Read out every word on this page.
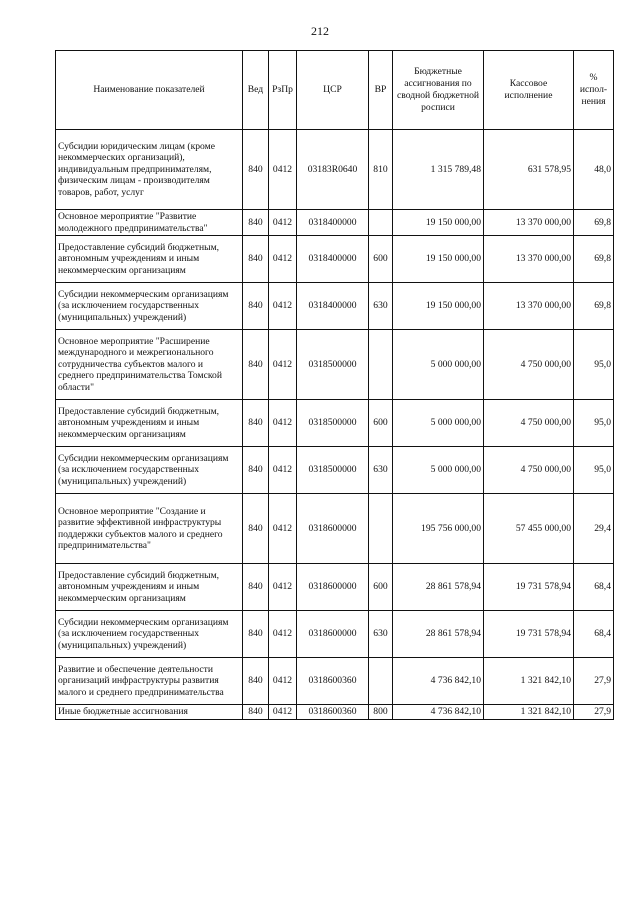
212
Наименование показателей	Вед	РзПр	ЦСР	ВР	Бюджетные ассигнования по сводной бюджетной росписи	Кассовое исполнение	% испол-нения
Субсидии юридическим лицам (кроме некоммерческих организаций), индивидуальным предпринимателям, физическим лицам - производителям товаров, работ, услуг	840	0412	03183R0640	810	1 315 789,48	631 578,95	48,0
Основное мероприятие "Развитие молодежного предпринимательства"	840	0412	0318400000		19 150 000,00	13 370 000,00	69,8
Предоставление субсидий бюджетным, автономным учреждениям и иным некоммерческим организациям	840	0412	0318400000	600	19 150 000,00	13 370 000,00	69,8
Субсидии некоммерческим организациям (за исключением государственных (муниципальных) учреждений)	840	0412	0318400000	630	19 150 000,00	13 370 000,00	69,8
Основное мероприятие "Расширение международного и межрегионального сотрудничества субъектов малого и среднего предпринимательства Томской области"	840	0412	0318500000		5 000 000,00	4 750 000,00	95,0
Предоставление субсидий бюджетным, автономным учреждениям и иным некоммерческим организациям	840	0412	0318500000	600	5 000 000,00	4 750 000,00	95,0
Субсидии некоммерческим организациям (за исключением государственных (муниципальных) учреждений)	840	0412	0318500000	630	5 000 000,00	4 750 000,00	95,0
Основное мероприятие "Создание и развитие эффективной инфраструктуры поддержки субъектов малого и среднего предпринимательства"	840	0412	0318600000		195 756 000,00	57 455 000,00	29,4
Предоставление субсидий бюджетным, автономным учреждениям и иным некоммерческим организациям	840	0412	0318600000	600	28 861 578,94	19 731 578,94	68,4
Субсидии некоммерческим организациям (за исключением государственных (муниципальных) учреждений)	840	0412	0318600000	630	28 861 578,94	19 731 578,94	68,4
Развитие и обеспечение деятельности организаций инфраструктуры развития малого и среднего предпринимательства	840	0412	0318600360		4 736 842,10	1 321 842,10	27,9
Иные бюджетные ассигнования	840	0412	0318600360	800	4 736 842,10	1 321 842,10	27,9
